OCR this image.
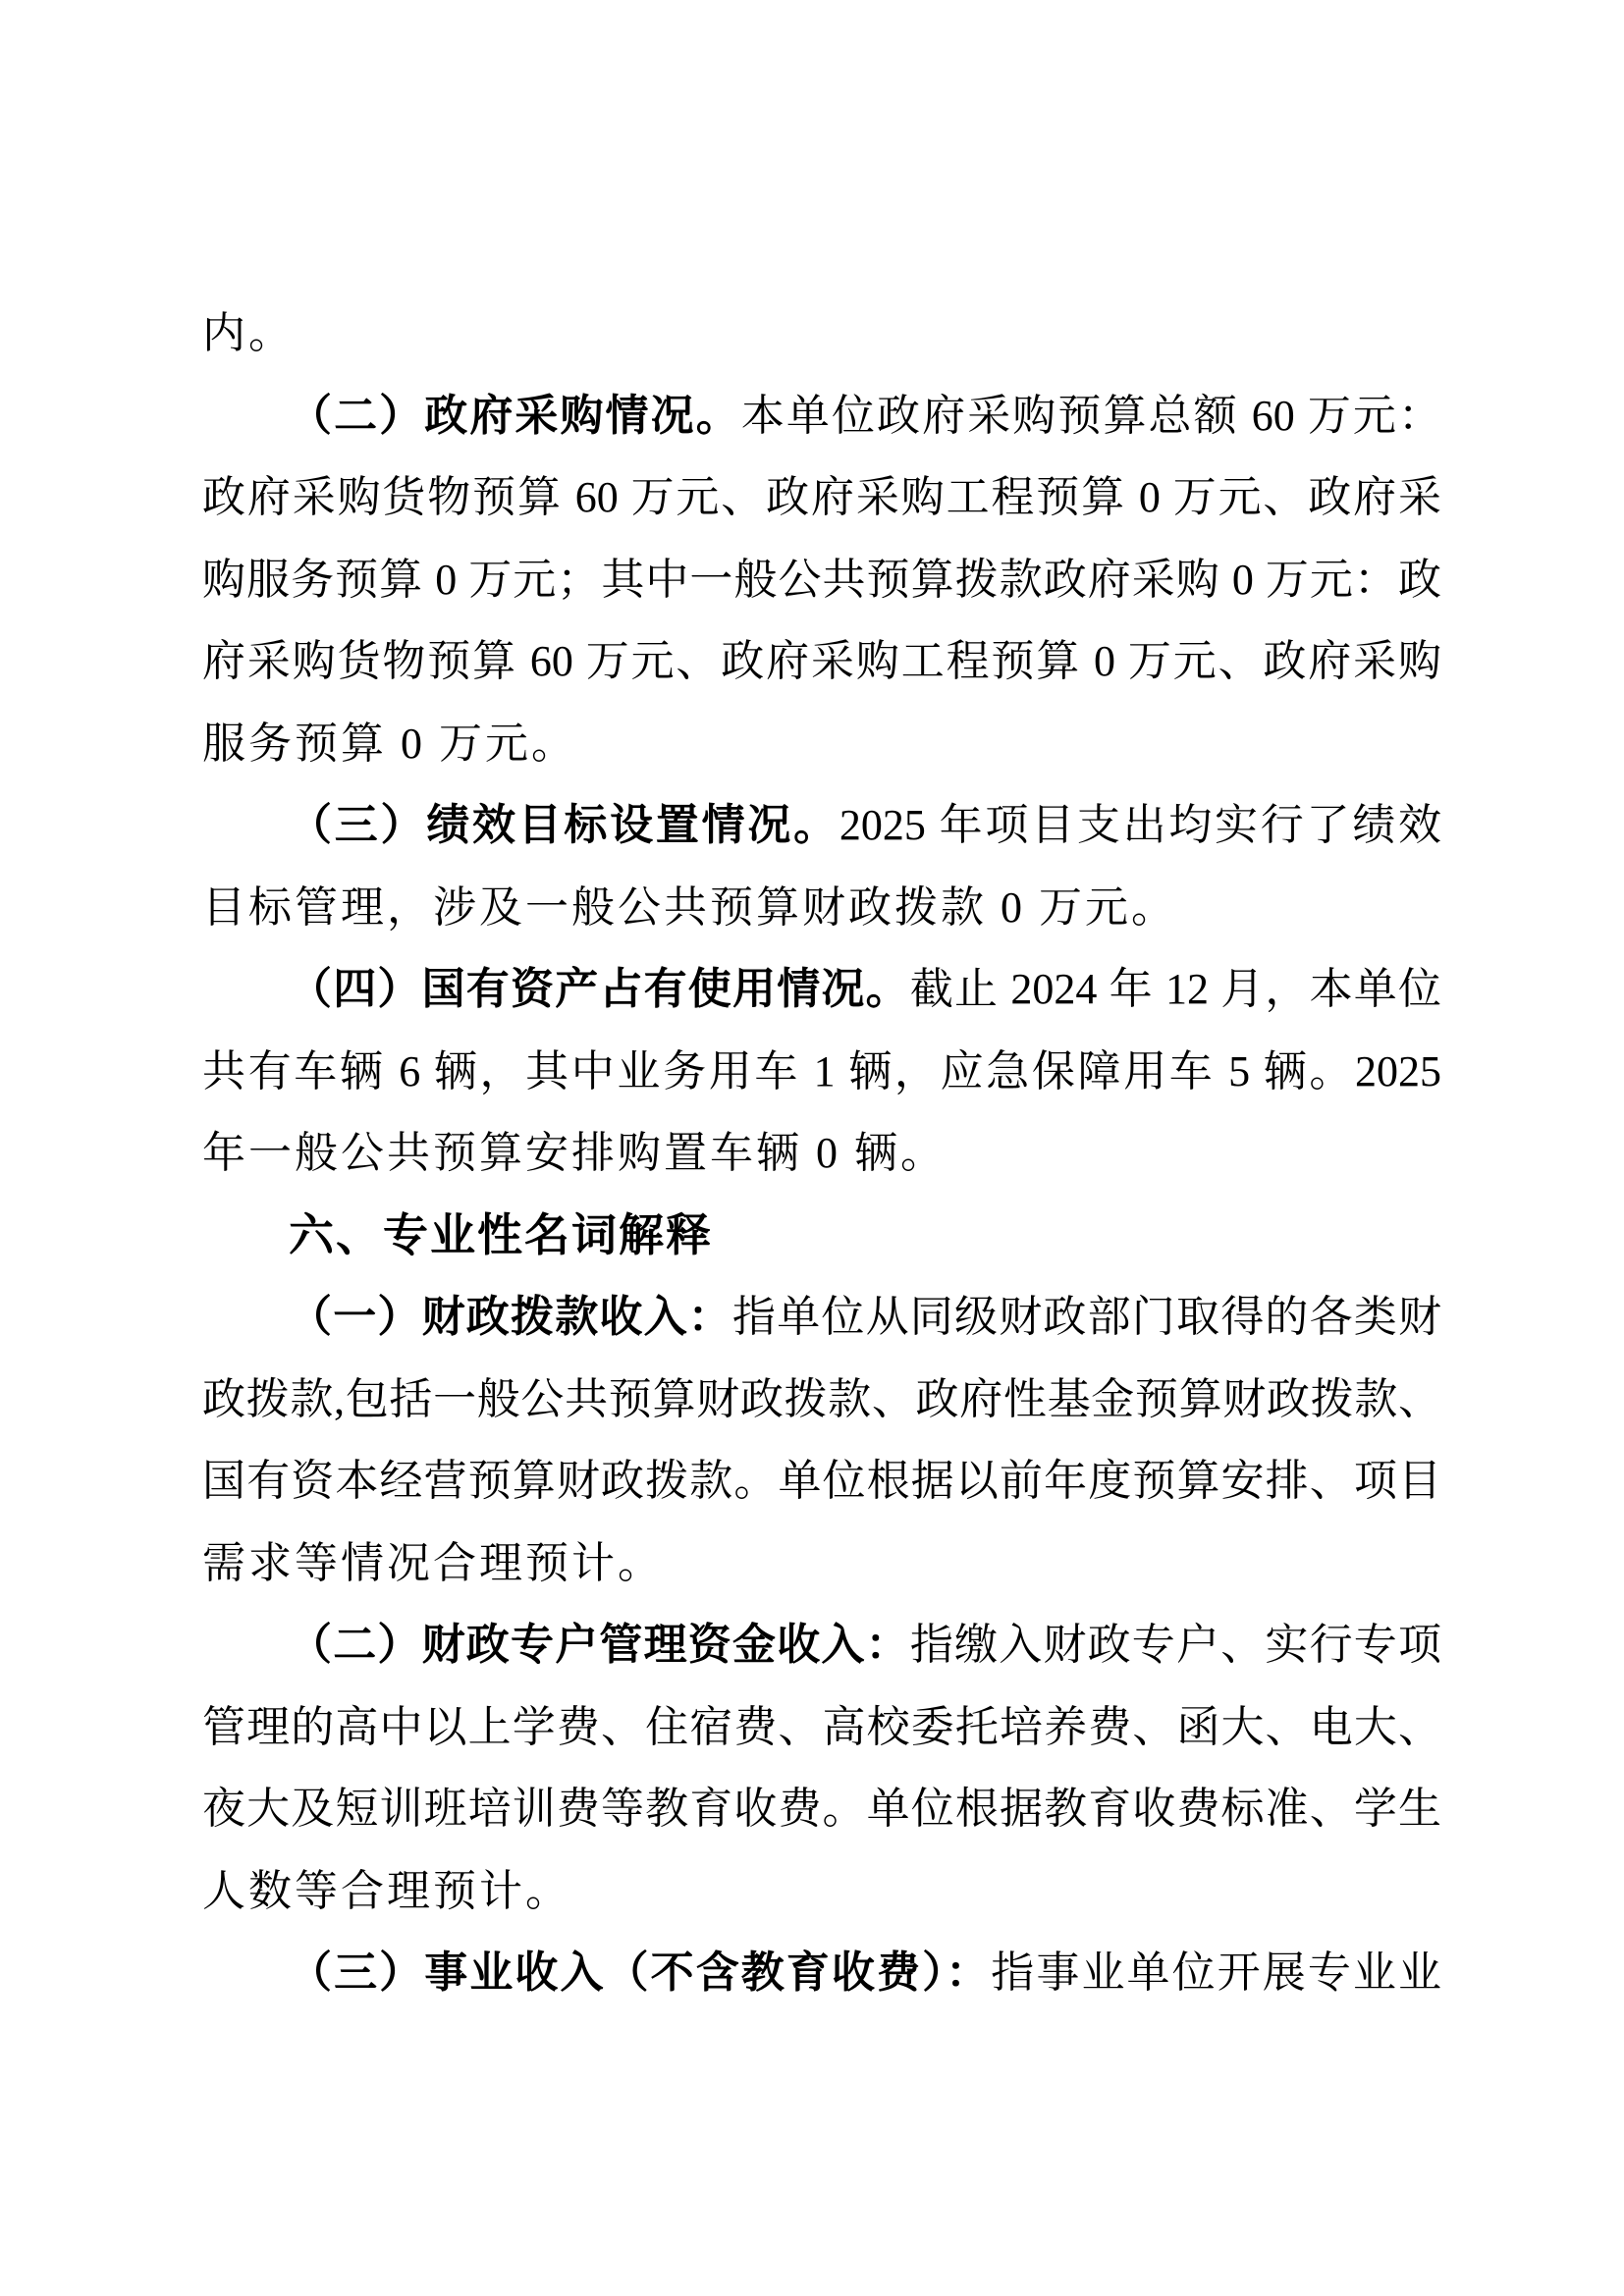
内。
（二）政府采购情况。本单位政府采购预算总额 60 万元：
政府采购货物预算 60 万元、政府采购工程预算 0 万元、政府采
购服务预算 0 万元；其中一般公共预算拨款政府采购 0 万元：政
府采购货物预算 60 万元、政府采购工程预算 0 万元、政府采购
服务预算 0 万元。
（三）绩效目标设置情况。2025 年项目支出均实行了绩效
目标管理，涉及一般公共预算财政拨款 0 万元。
（四）国有资产占有使用情况。截止 2024 年 12 月，本单位
共有车辆 6 辆，其中业务用车 1 辆，应急保障用车 5 辆。2025
年一般公共预算安排购置车辆 0 辆。
六、专业性名词解释
（一）财政拨款收入：指单位从同级财政部门取得的各类财
政拨款,包括一般公共预算财政拨款、政府性基金预算财政拨款、
国有资本经营预算财政拨款。单位根据以前年度预算安排、项目
需求等情况合理预计。
（二）财政专户管理资金收入：指缴入财政专户、实行专项
管理的高中以上学费、住宿费、高校委托培养费、函大、电大、
夜大及短训班培训费等教育收费。单位根据教育收费标准、学生
人数等合理预计。
（三）事业收入（不含教育收费）：指事业单位开展专业业
